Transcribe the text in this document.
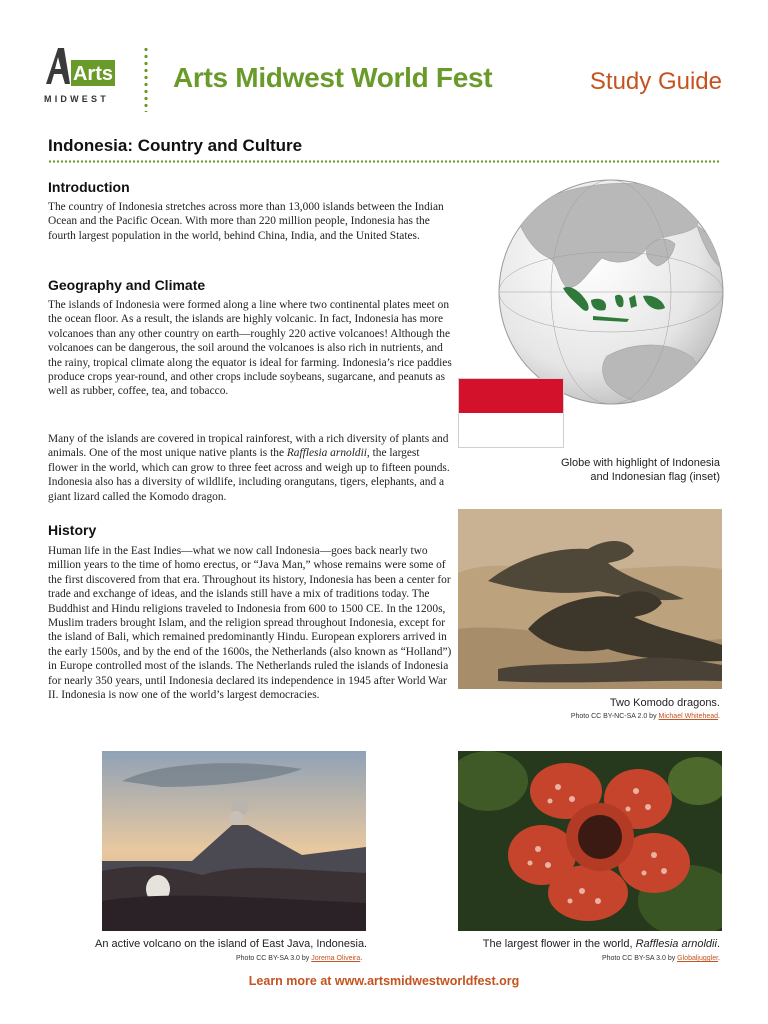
Arts
MIDWEST
Arts Midwest World Fest	Study Guide
Indonesia: Country and Culture
Introduction

The country of Indonesia stretches across more than 13,000 islands between the Indian Ocean and the Pacific Ocean. With more than 220 million people, Indonesia has the fourth largest population in the world, behind China, India, and the United States.

Geography and Climate

The islands of Indonesia were formed along a line where two continental plates meet on the ocean floor. As a result, the islands are highly volcanic. In fact, Indonesia has more volcanoes than any other country on earth—roughly 220 active volcanoes! Although the volcanoes can be dangerous, the soil around the volcanoes is also rich in nutrients, and the rainy, tropical climate along the equator is ideal for farming. Indonesia’s rice paddies produce crops year-round, and other crops include soybeans, sugarcane, and peanuts as well as rubber, coffee, tea, and tobacco.

Many of the islands are covered in tropical rainforest, with a rich diversity of plants and animals. One of the most unique native plants is the Rafflesia arnoldii, the largest flower in the world, which can grow to three feet across and weigh up to fifteen pounds. Indonesia also has a diversity of wildlife, including orangutans, tigers, elephants, and a giant lizard called the Komodo dragon.

History

Human life in the East Indies—what we now call Indonesia—goes back nearly two million years to the time of homo erectus, or “Java Man,” whose remains were some of the first discovered from that era. Throughout its history, Indonesia has been a center for trade and exchange of ideas, and the islands still have a mix of traditions today. The Buddhist and Hindu religions traveled to Indonesia from 600 to 1500 CE. In the 1200s, Muslim traders brought Islam, and the religion spread throughout Indonesia, except for the island of Bali, which remained predominantly Hindu. European explorers arrived in the early 1500s, and by the end of the 1600s, the Netherlands (also known as “Holland”) in Europe controlled most of the islands. The Netherlands ruled the islands of Indonesia for nearly 350 years, until Indonesia declared its independence in 1945 after World War II. Indonesia is now one of the world’s largest democracies.

Globe with highlight of Indonesia
and Indonesian flag (inset)
Two Komodo dragons.
Photo CC BY-NC-SA 2.0 by Michael Whitehead.
An active volcano on the island of East Java, Indonesia.
Photo CC BY-SA 3.0 by Jorema Oliveira.
The largest flower in the world, Rafflesia arnoldii.
Photo CC BY-SA 3.0 by Globaljuggler.
Learn more at www.artsmidwestworldfest.org
